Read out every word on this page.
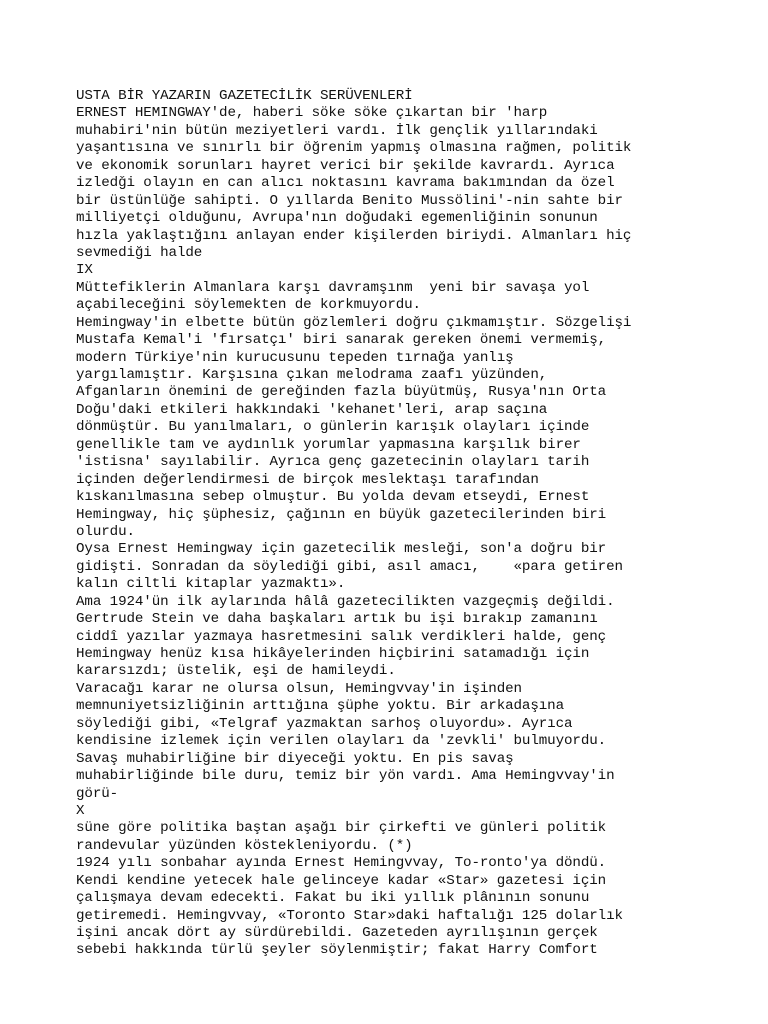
USTA BİR YAZARIN GAZETECİLİK SERÜVENLERİ
ERNEST HEMINGWAY'de, haberi söke söke çıkartan bir 'harp
muhabiri'nin bütün meziyetleri vardı. İlk gençlik yıllarındaki
yaşantısına ve sınırlı bir öğrenim yapmış olmasına rağmen, politik
ve ekonomik sorunları hayret verici bir şekilde kavrardı. Ayrıca
izledǧi olayın en can alıcı noktasını kavrama bakımından da özel
bir üstünlüğe sahipti. O yıllarda Benito Mussölini'-nin sahte bir
milliyetçi olduğunu, Avrupa'nın doğudaki egemenliğinin sonunun
hızla yaklaştığını anlayan ender kişilerden biriydi. Almanları hiç
sevmediği halde
IX
Müttefiklerin Almanlara karşı davramşınm  yeni bir savaşa yol
açabileceğini söylemekten de korkmuyordu.
Hemingway'in elbette bütün gözlemleri doğru çıkmamıştır. Sözgelişi
Mustafa Kemal'i 'fırsatçı' biri sanarak gereken önemi vermemiş,
modern Türkiye'nin kurucusunu tepeden tırnağa yanlış
yargılamıştır. Karşısına çıkan melodrama zaafı yüzünden,
Afganların önemini de gereğinden fazla büyütmüş, Rusya'nın Orta
Doğu'daki etkileri hakkındaki 'kehanet'leri, arap saçına
dönmüştür. Bu yanılmaları, o günlerin karışık olayları içinde
genellikle tam ve aydınlık yorumlar yapmasına karşılık birer
'istisna' sayılabilir. Ayrıca genç gazetecinin olayları tarih
içinden değerlendirmesi de birçok meslektaşı tarafından
kıskanılmasına sebep olmuştur. Bu yolda devam etseydi, Ernest
Hemingway, hiç şüphesiz, çağının en büyük gazetecilerinden biri
olurdu.
Oysa Ernest Hemingway için gazetecilik mesleği, son'a doğru bir
gidişti. Sonradan da söylediği gibi, asıl amacı,    «para getiren
kalın ciltli kitaplar yazmaktı».
Ama 1924'ün ilk aylarında hâlâ gazetecilikten vazgeçmiş değildi.
Gertrude Stein ve daha başkaları artık bu işi bırakıp zamanını
ciddî yazılar yazmaya hasretmesini salık verdikleri halde, genç
Hemingway henüz kısa hikâyelerinden hiçbirini satamadığı için
kararsızdı; üstelik, eşi de hamileydi.
Varacağı karar ne olursa olsun, Hemingvvay'in işinden
memnuniyetsizliğinin arttığına şüphe yoktu. Bir arkadaşına
söylediği gibi, «Telgraf yazmaktan sarhoş oluyordu». Ayrıca
kendisine izlemek için verilen olayları da 'zevkli' bulmuyordu.
Savaş muhabirliğine bir diyeceği yoktu. En pis savaş
muhabirliğinde bile duru, temiz bir yön vardı. Ama Hemingvvay'in
görü-
X
süne göre politika baştan aşağı bir çirkefti ve günleri politik
randevular yüzünden köstekleniyordu. (*)
1924 yılı sonbahar ayında Ernest Hemingvvay, To-ronto'ya döndü.
Kendi kendine yetecek hale gelinceye kadar «Star» gazetesi için
çalışmaya devam edecekti. Fakat bu iki yıllık plânının sonunu
getiremedi. Hemingvvay, «Toronto Star»daki haftalığı 125 dolarlık
işini ancak dört ay sürdürebildi. Gazeteden ayrılışının gerçek
sebebi hakkında türlü şeyler söylenmiştir; fakat Harry Comfort
